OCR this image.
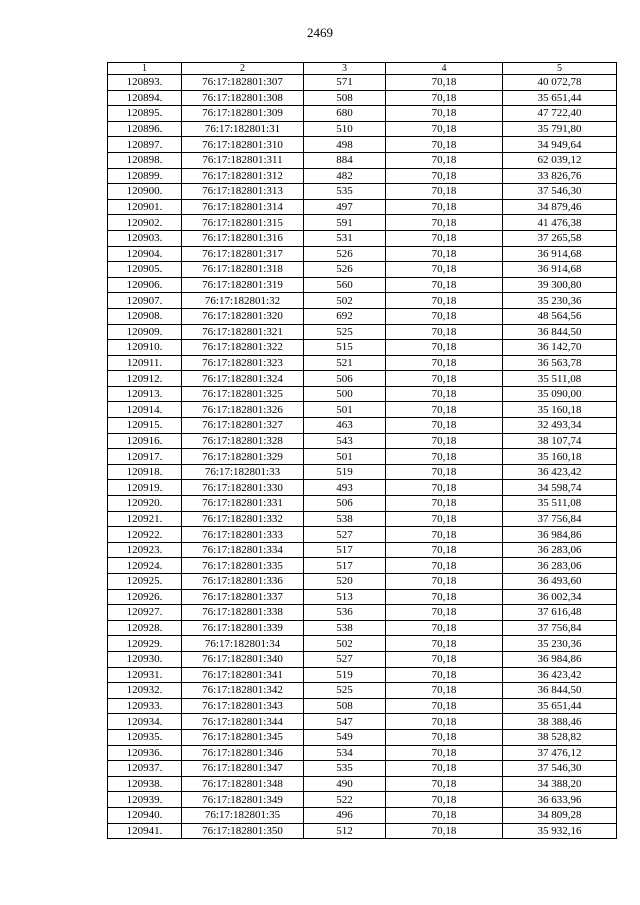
2469
1	2	3	4	5
120893.	76:17:182801:307	571	70,18	40 072,78
120894.	76:17:182801:308	508	70,18	35 651,44
120895.	76:17:182801:309	680	70,18	47 722,40
120896.	76:17:182801:31	510	70,18	35 791,80
120897.	76:17:182801:310	498	70,18	34 949,64
120898.	76:17:182801:311	884	70,18	62 039,12
120899.	76:17:182801:312	482	70,18	33 826,76
120900.	76:17:182801:313	535	70,18	37 546,30
120901.	76:17:182801:314	497	70,18	34 879,46
120902.	76:17:182801:315	591	70,18	41 476,38
120903.	76:17:182801:316	531	70,18	37 265,58
120904.	76:17:182801:317	526	70,18	36 914,68
120905.	76:17:182801:318	526	70,18	36 914,68
120906.	76:17:182801:319	560	70,18	39 300,80
120907.	76:17:182801:32	502	70,18	35 230,36
120908.	76:17:182801:320	692	70,18	48 564,56
120909.	76:17:182801:321	525	70,18	36 844,50
120910.	76:17:182801:322	515	70,18	36 142,70
120911.	76:17:182801:323	521	70,18	36 563,78
120912.	76:17:182801:324	506	70,18	35 511,08
120913.	76:17:182801:325	500	70,18	35 090,00
120914.	76:17:182801:326	501	70,18	35 160,18
120915.	76:17:182801:327	463	70,18	32 493,34
120916.	76:17:182801:328	543	70,18	38 107,74
120917.	76:17:182801:329	501	70,18	35 160,18
120918.	76:17:182801:33	519	70,18	36 423,42
120919.	76:17:182801:330	493	70,18	34 598,74
120920.	76:17:182801:331	506	70,18	35 511,08
120921.	76:17:182801:332	538	70,18	37 756,84
120922.	76:17:182801:333	527	70,18	36 984,86
120923.	76:17:182801:334	517	70,18	36 283,06
120924.	76:17:182801:335	517	70,18	36 283,06
120925.	76:17:182801:336	520	70,18	36 493,60
120926.	76:17:182801:337	513	70,18	36 002,34
120927.	76:17:182801:338	536	70,18	37 616,48
120928.	76:17:182801:339	538	70,18	37 756,84
120929.	76:17:182801:34	502	70,18	35 230,36
120930.	76:17:182801:340	527	70,18	36 984,86
120931.	76:17:182801:341	519	70,18	36 423,42
120932.	76:17:182801:342	525	70,18	36 844,50
120933.	76:17:182801:343	508	70,18	35 651,44
120934.	76:17:182801:344	547	70,18	38 388,46
120935.	76:17:182801:345	549	70,18	38 528,82
120936.	76:17:182801:346	534	70,18	37 476,12
120937.	76:17:182801:347	535	70,18	37 546,30
120938.	76:17:182801:348	490	70,18	34 388,20
120939.	76:17:182801:349	522	70,18	36 633,96
120940.	76:17:182801:35	496	70,18	34 809,28
120941.	76:17:182801:350	512	70,18	35 932,16
